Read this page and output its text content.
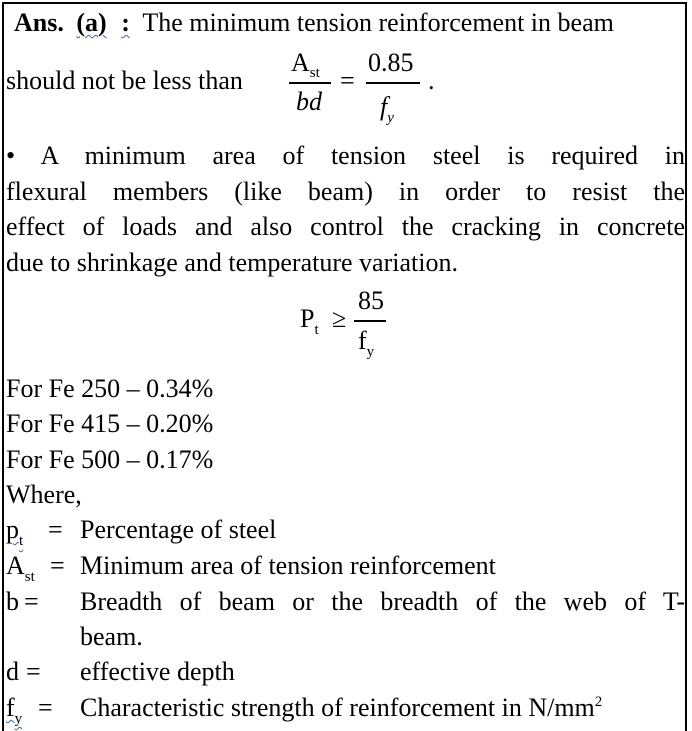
Ans. (a) : The minimum tension reinforcement in beam
should not be less than
$A_{st}$
bd
=
0.85
$f_y$
.
• A minimum area of tension steel is required in
flexural members (like beam) in order to resist the
effect of loads and also control the cracking in concrete
due to shrinkage and temperature variation.
$P_t$ ≥
85
$f_y$
For Fe 250 – 0.34%
For Fe 415 – 0.20%
For Fe 500 – 0.17%
Where,
$p_t$ = Percentage of steel
$A_{st}$ = Minimum area of tension reinforcement
b = Breadth of beam or the breadth of the web of T-
beam.
d = effective depth
$f_y$ = Characteristic strength of reinforcement in $N/mm^2$
